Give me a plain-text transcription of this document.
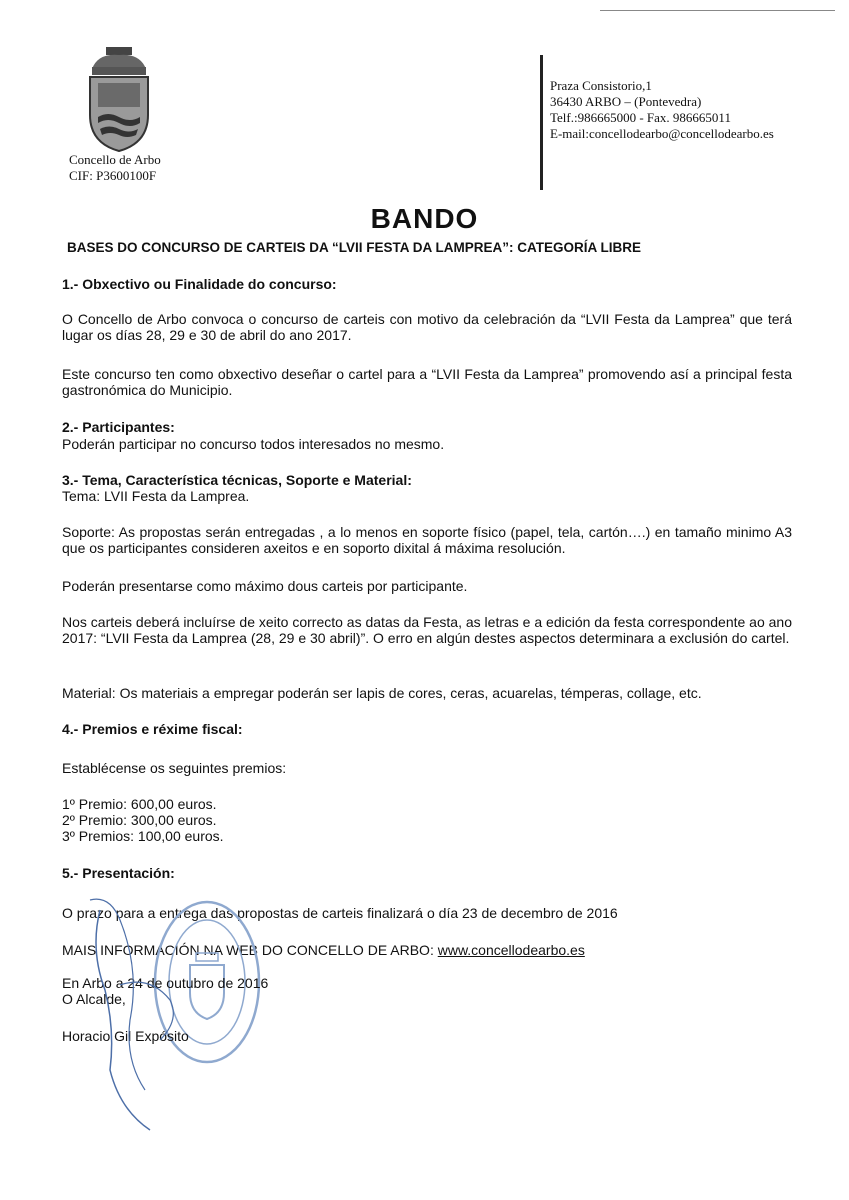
Concello de Arbo
CIF: P3600100F
Praza Consistorio,1
36430 ARBO – (Pontevedra)
Telf.:986665000 - Fax. 986665011
E-mail:concellodearbo@concellodearbo.es
BANDO
BASES DO CONCURSO DE CARTEIS DA “LVII FESTA DA LAMPREA”: CATEGORÍA LIBRE
1.- Obxectivo ou Finalidade do concurso:
O Concello de Arbo convoca o concurso de carteis con motivo da celebración da “LVII Festa da Lamprea” que terá lugar os días 28, 29 e 30 de abril do ano 2017.
Este concurso ten como obxectivo deseñar o cartel para a “LVII Festa da Lamprea” promovendo así a principal festa gastronómica do Municipio.
2.- Participantes:
Poderán participar no concurso todos interesados no mesmo.
3.- Tema, Característica técnicas, Soporte e Material:
Tema: LVII Festa da Lamprea.
Soporte: As propostas serán entregadas , a lo menos en soporte físico (papel, tela, cartón….) en tamaño minimo A3 que os participantes consideren axeitos e en soporto dixital á máxima resolución.
Poderán presentarse como máximo dous carteis por participante.
Nos carteis deberá incluírse de xeito correcto as datas da Festa, as letras e a edición da festa correspondente ao ano 2017: “LVII Festa da Lamprea (28, 29 e 30 abril)”. O erro en algún destes aspectos determinara a exclusión do cartel.
Material: Os materiais a empregar poderán ser lapis de cores, ceras, acuarelas, témperas, collage, etc.
4.- Premios e réxime fiscal:
Establécense os seguintes premios:
1º Premio: 600,00 euros.
2º Premio: 300,00 euros.
3º Premios: 100,00 euros.
5.- Presentación:
O prazo para a entrega das propostas de carteis finalizará o día 23 de decembro de 2016
MAIS INFORMACIÓN NA WEB DO CONCELLO DE ARBO: www.concellodearbo.es
En Arbo a 24 de outubro de 2016
O Alcalde,
Horacio Gil Expósito
